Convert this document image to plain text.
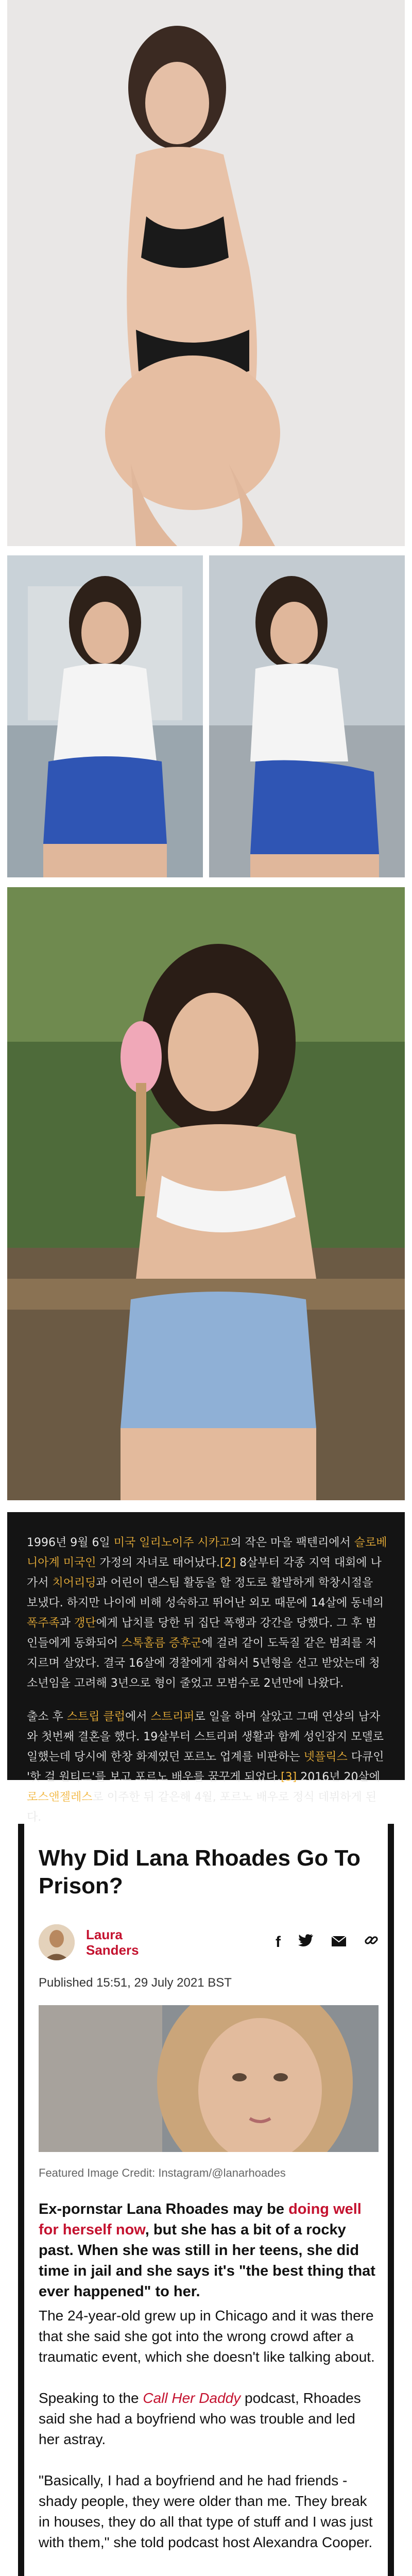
1996년 9월 6일 미국 일리노이주 시카고의 작은 마을 팩텐리에서 슬로베니아계 미국인 가정의 자녀로 태어났다.[2] 8살부터 각종 지역 대회에 나가서 치어리딩과 어린이 댄스팀 활동을 할 정도로 활발하게 학창시절을 보냈다. 하지만 나이에 비해 성숙하고 뛰어난 외모 때문에 14살에 동네의 폭주족과 갱단에게 납치를 당한 뒤 집단 폭행과 강간을 당했다. 그 후 범인들에게 동화되어 스톡홀름 증후군에 걸려 같이 도둑질 같은 범죄를 저지르며 살았다. 결국 16살에 경찰에게 잡혀서 5년형을 선고 받았는데 청소년임을 고려해 3년으로 형이 줄었고 모범수로 2년만에 나왔다.

출소 후 스트립 클럽에서 스트리퍼로 일을 하며 살았고 그때 연상의 남자와 첫번째 결혼을 했다. 19살부터 스트리퍼 생활과 함께 성인잡지 모델로 일했는데 당시에 한창 화제였던 포르노 업계를 비판하는 넷플릭스 다큐인 '핫 걸 원티드'를 보고 포르노 배우를 꿈꾸게 되었다.[3] 2016년 20살에 로스앤젤레스로 이주한 뒤 같은해 4월, 포르노 배우로 정식 데뷔하게 된다.

Why Did Lana Rhoades Go To Prison?
Laura
Sanders	f
Published 15:51, 29 July 2021 BST
Featured Image Credit: Instagram/@lanarhoades

Ex-pornstar Lana Rhoades may be doing well for herself now, but she has a bit of a rocky past. When she was still in her teens, she did time in jail and she says it's "the best thing that ever happened" to her.

The 24-year-old grew up in Chicago and it was there that she said she got into the wrong crowd after a traumatic event, which she doesn't like talking about.

Speaking to the Call Her Daddy podcast, Rhoades said she had a boyfriend who was trouble and led her astray.

"Basically, I had a boyfriend and he had friends - shady people, they were older than me. They break in houses, they do all that type of stuff and I was just with them," she told podcast host Alexandra Cooper.
